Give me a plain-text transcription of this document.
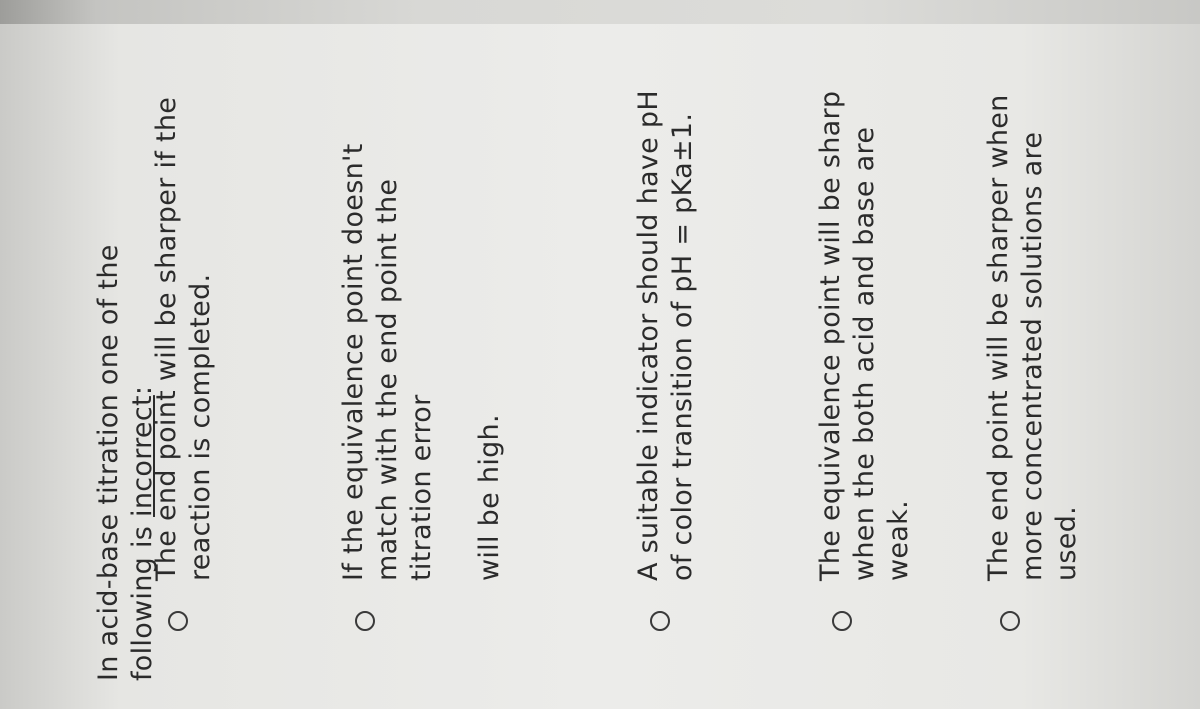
In acid-base titration one of the
following is incorrect:

The end point will be sharper if the
reaction is completed.
If the equivalence point doesn't
match with the end point the
titration error

will be high.
A suitable indicator should have pH
of color transition of pH = pKa±1.
The equivalence point will be sharp
when the both acid and base are
weak.	The end point will be sharper when
more concentrated solutions are
used.
